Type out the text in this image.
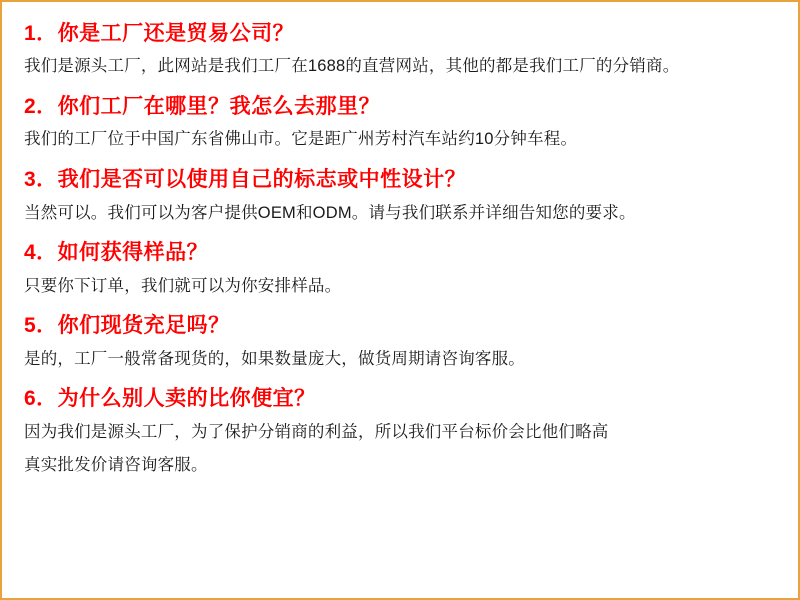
1．你是工厂还是贸易公司？

我们是源头工厂，此网站是我们工厂在1688的直营网站，其他的都是我们工厂的分销商。

2．你们工厂在哪里？我怎么去那里？

我们的工厂位于中国广东省佛山市。它是距广州芳村汽车站约10分钟车程。

3．我们是否可以使用自己的标志或中性设计？

当然可以。我们可以为客户提供OEM和ODM。请与我们联系并详细告知您的要求。

4．如何获得样品？

只要你下订单，我们就可以为你安排样品。

5．你们现货充足吗？

是的，工厂一般常备现货的，如果数量庞大，做货周期请咨询客服。

6．为什么别人卖的比你便宜？

因为我们是源头工厂，为了保护分销商的利益，所以我们平台标价会比他们略高

真实批发价请咨询客服。
